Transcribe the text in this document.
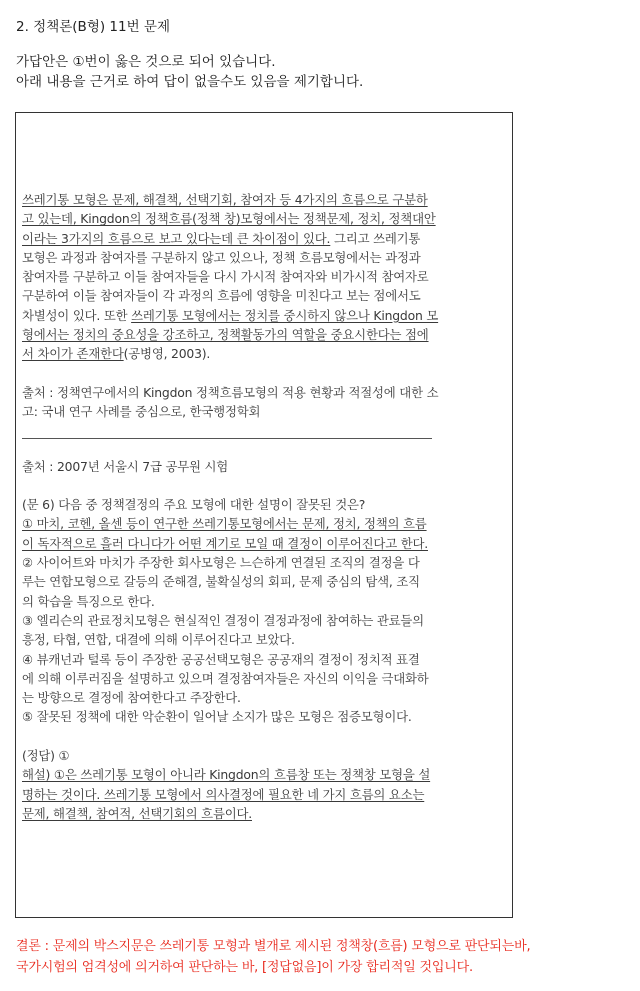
2. 정책론(B형) 11번 문제
가답안은 ①번이 옳은 것으로 되어 있습니다.
아래 내용을 근거로 하여 답이 없을수도 있음을 제기합니다.
쓰레기통 모형은 문제, 해결책, 선택기회, 참여자 등 4가지의 흐름으로 구분하
고 있는데, Kingdon의 정책흐름(정책 창)모형에서는 정책문제, 정치, 정책대안
이라는 3가지의 흐름으로 보고 있다는데 큰 차이점이 있다. 그리고 쓰레기통
모형은 과정과 참여자를 구분하지 않고 있으나, 정책 흐름모형에서는 과정과
참여자를 구분하고 이들 참여자들을 다시 가시적 참여자와 비가시적 참여자로
구분하여 이들 참여자들이 각 과정의 흐름에 영향을 미친다고 보는 점에서도
차별성이 있다. 또한 쓰레기통 모형에서는 정치를 중시하지 않으나 Kingdon 모
형에서는 정치의 중요성을 강조하고, 정책활동가의 역할을 중요시한다는 점에
서 차이가 존재한다(공병영, 2003).
출처 : 정책연구에서의 Kingdon 정책흐름모형의 적용 현황과 적절성에 대한 소
고: 국내 연구 사례를 중심으로, 한국행정학회
출처 : 2007년 서울시 7급 공무원 시험
(문 6) 다음 중 정책결정의 주요 모형에 대한 설명이 잘못된 것은?
① 마치, 코헨, 올센 등이 연구한 쓰레기통모형에서는 문제, 정치, 정책의 흐름
이 독자적으로 흘러 다니다가 어떤 계기로 모일 때 결정이 이루어진다고 한다.
② 사이어트와 마치가 주장한 회사모형은 느슨하게 연결된 조직의 결정을 다
루는 연합모형으로 갈등의 준해결, 불확실성의 회피, 문제 중심의 탐색, 조직
의 학습을 특징으로 한다.
③ 엘리슨의 관료정치모형은 현실적인 결정이 결정과정에 참여하는 관료들의
흥정, 타협, 연합, 대결에 의해 이루어진다고 보았다.
④ 뷰캐넌과 털록 등이 주장한 공공선택모형은 공공재의 결정이 정치적 표결
에 의해 이루러짐을 설명하고 있으며 결정참여자들은 자신의 이익을 극대화하
는 방향으로 결정에 참여한다고 주장한다.
⑤ 잘못된 정책에 대한 악순환이 일어날 소지가 많은 모형은 점증모형이다.
(정답) ①
해설) ①은 쓰레기통 모형이 아니라 Kingdon의 흐름창 또는 정책창 모형을 설
명하는 것이다. 쓰레기통 모형에서 의사결정에 필요한 네 가지 흐름의 요소는
문제, 해결책, 참여적, 선택기회의 흐름이다.
결론 : 문제의 박스지문은 쓰레기통 모형과 별개로 제시된 정책창(흐름) 모형으로 판단되는바,
국가시험의 엄격성에 의거하여 판단하는 바, [정답없음]이 가장 합리적일 것입니다.
